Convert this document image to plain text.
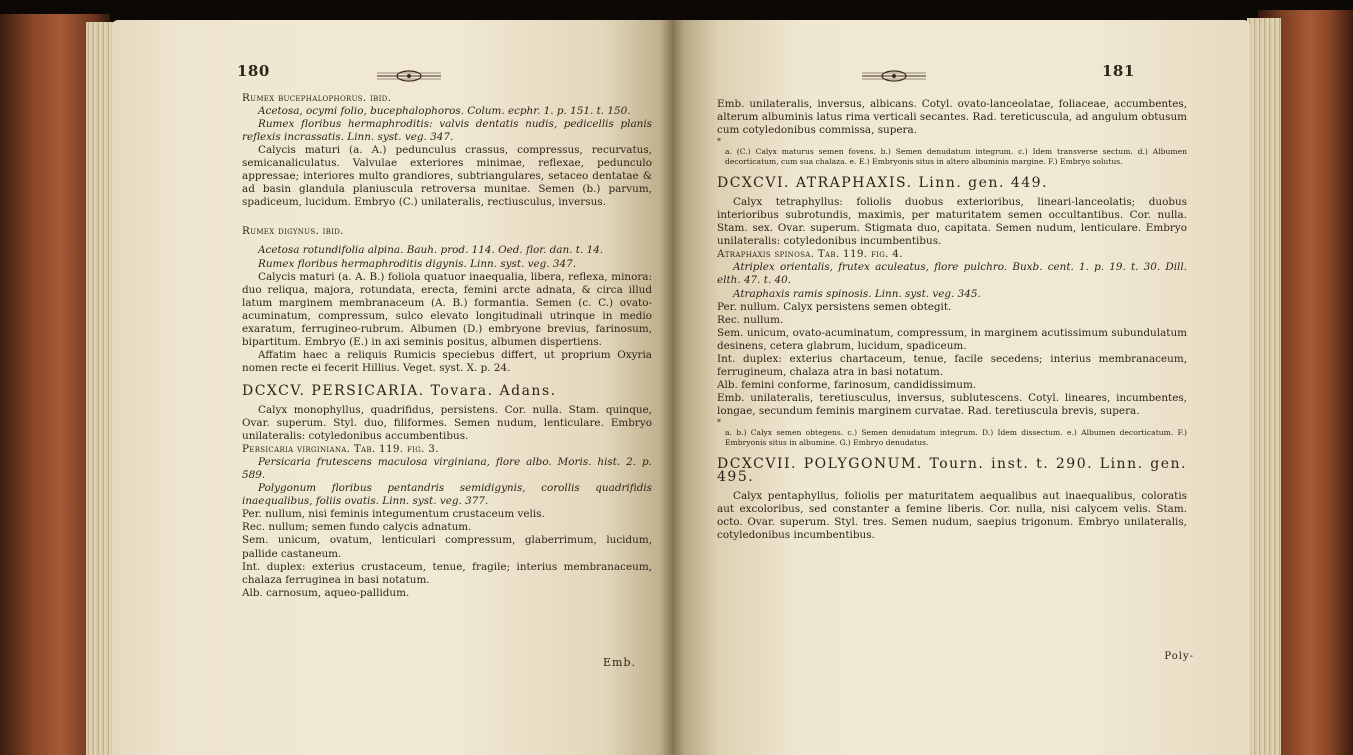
180

Rumex bucephalophorus. ibid.

Acetosa, ocymi folio, bucephalophoros. Colum. ecphr. 1. p. 151. t. 150.

Rumex floribus hermaphroditis: valvis dentatis nudis, pedicellis planis reflexis incrassatis. Linn. syst. veg. 347.

Calycis maturi (a. A.) pedunculus crassus, compressus, recurvatus, semicanaliculatus. Valvulae exteriores minimae, reflexae, pedunculo appressae; interiores multo grandiores, subtriangulares, setaceo dentatae & ad basin glandula planiuscula retroversa munitae. Semen (b.) parvum, spadiceum, lucidum. Embryo (C.) unilateralis, rectiusculus, inversus.

Rumex digynus. ibid.

Acetosa rotundifolia alpina. Bauh. prod. 114. Oed. flor. dan. t. 14.

Rumex floribus hermaphroditis digynis. Linn. syst. veg. 347.

Calycis maturi (a. A. B.) foliola quatuor inaequalia, libera, reflexa, minora: duo reliqua, majora, rotundata, erecta, femini arcte adnata, & circa illud latum marginem membranaceum (A. B.) formantia. Semen (c. C.) ovato-acuminatum, compressum, sulco elevato longitudinali utrinque in medio exaratum, ferrugineo-rubrum. Albumen (D.) embryone brevius, farinosum, bipartitum. Embryo (E.) in axi seminis positus, albumen dispertiens.

Affatim haec a reliquis Rumicis speciebus differt, ut proprium Oxyria nomen recte ei fecerit Hillius. Veget. syst. X. p. 24.

DCXCV. PERSICARIA. Tovara. Adans.

Calyx monophyllus, quadrifidus, persistens. Cor. nulla. Stam. quinque, Ovar. superum. Styl. duo, filiformes. Semen nudum, lenticulare. Embryo unilateralis: cotyledonibus accumbentibus.

Persicaria virginiana. Tab. 119. fig. 3.

Persicaria frutescens maculosa virginiana, flore albo. Moris. hist. 2. p. 589.

Polygonum floribus pentandris semidigynis, corollis quadrifidis inaequalibus, foliis ovatis. Linn. syst. veg. 377.

Per. nullum, nisi feminis integumentum crustaceum velis.

Rec. nullum; semen fundo calycis adnatum.

Sem. unicum, ovatum, lenticulari compressum, glaberrimum, lucidum, pallide castaneum.

Int. duplex: exterius crustaceum, tenue, fragile; interius membranaceum, chalaza ferruginea in basi notatum.

Alb. carnosum, aqueo-pallidum.

Emb.
181

Emb. unilateralis, inversus, albicans. Cotyl. ovato-lanceolatae, foliaceae, accumbentes, alterum albuminis latus rima verticali secantes. Rad. tereticuscula, ad angulum obtusum cum cotyledonibus commissa, supera.

*

a. (C.) Calyx maturus semen fovens. b.) Semen denudatum integrum. c.) Idem transverse sectum. d.) Albumen decorticatum, cum sua chalaza. e. E.) Embryonis situs in altero albuminis margine. F.) Embryo solutus.

DCXCVI. ATRAPHAXIS. Linn. gen. 449.

Calyx tetraphyllus: foliolis duobus exterioribus, lineari-lanceolatis; duobus interioribus subrotundis, maximis, per maturitatem semen occultantibus. Cor. nulla. Stam. sex. Ovar. superum. Stigmata duo, capitata. Semen nudum, lenticulare. Embryo unilateralis: cotyledonibus incumbentibus.

Atraphaxis spinosa. Tab. 119. fig. 4.

Atriplex orientalis, frutex aculeatus, flore pulchro. Buxb. cent. 1. p. 19. t. 30. Dill. elth. 47. t. 40.

Atraphaxis ramis spinosis. Linn. syst. veg. 345.

Per. nullum. Calyx persistens semen obtegit.

Rec. nullum.

Sem. unicum, ovato-acuminatum, compressum, in marginem acutissimum subundulatum desinens, cetera glabrum, lucidum, spadiceum.

Int. duplex: exterius chartaceum, tenue, facile secedens; interius membranaceum, ferrugineum, chalaza atra in basi notatum.

Alb. femini conforme, farinosum, candidissimum.

Emb. unilateralis, teretiusculus, inversus, sublutescens. Cotyl. lineares, incumbentes, longae, secundum feminis marginem curvatae. Rad. teretiuscula brevis, supera.

*

a. b.) Calyx semen obtegens. c.) Semen denudatum integrum. D.) Idem dissectum. e.) Albumen decorticatum. F.) Embryonis situs in albumine. G.) Embryo denudatus.

DCXCVII. POLYGONUM. Tourn. inst. t. 290. Linn. gen. 495.

Calyx pentaphyllus, foliolis per maturitatem aequalibus aut inaequalibus, coloratis aut excoloribus, sed constanter a femine liberis. Cor. nulla, nisi calycem velis. Stam. octo. Ovar. superum. Styl. tres. Semen nudum, saepius trigonum. Embryo unilateralis, cotyledonibus incumbentibus.

Poly-
